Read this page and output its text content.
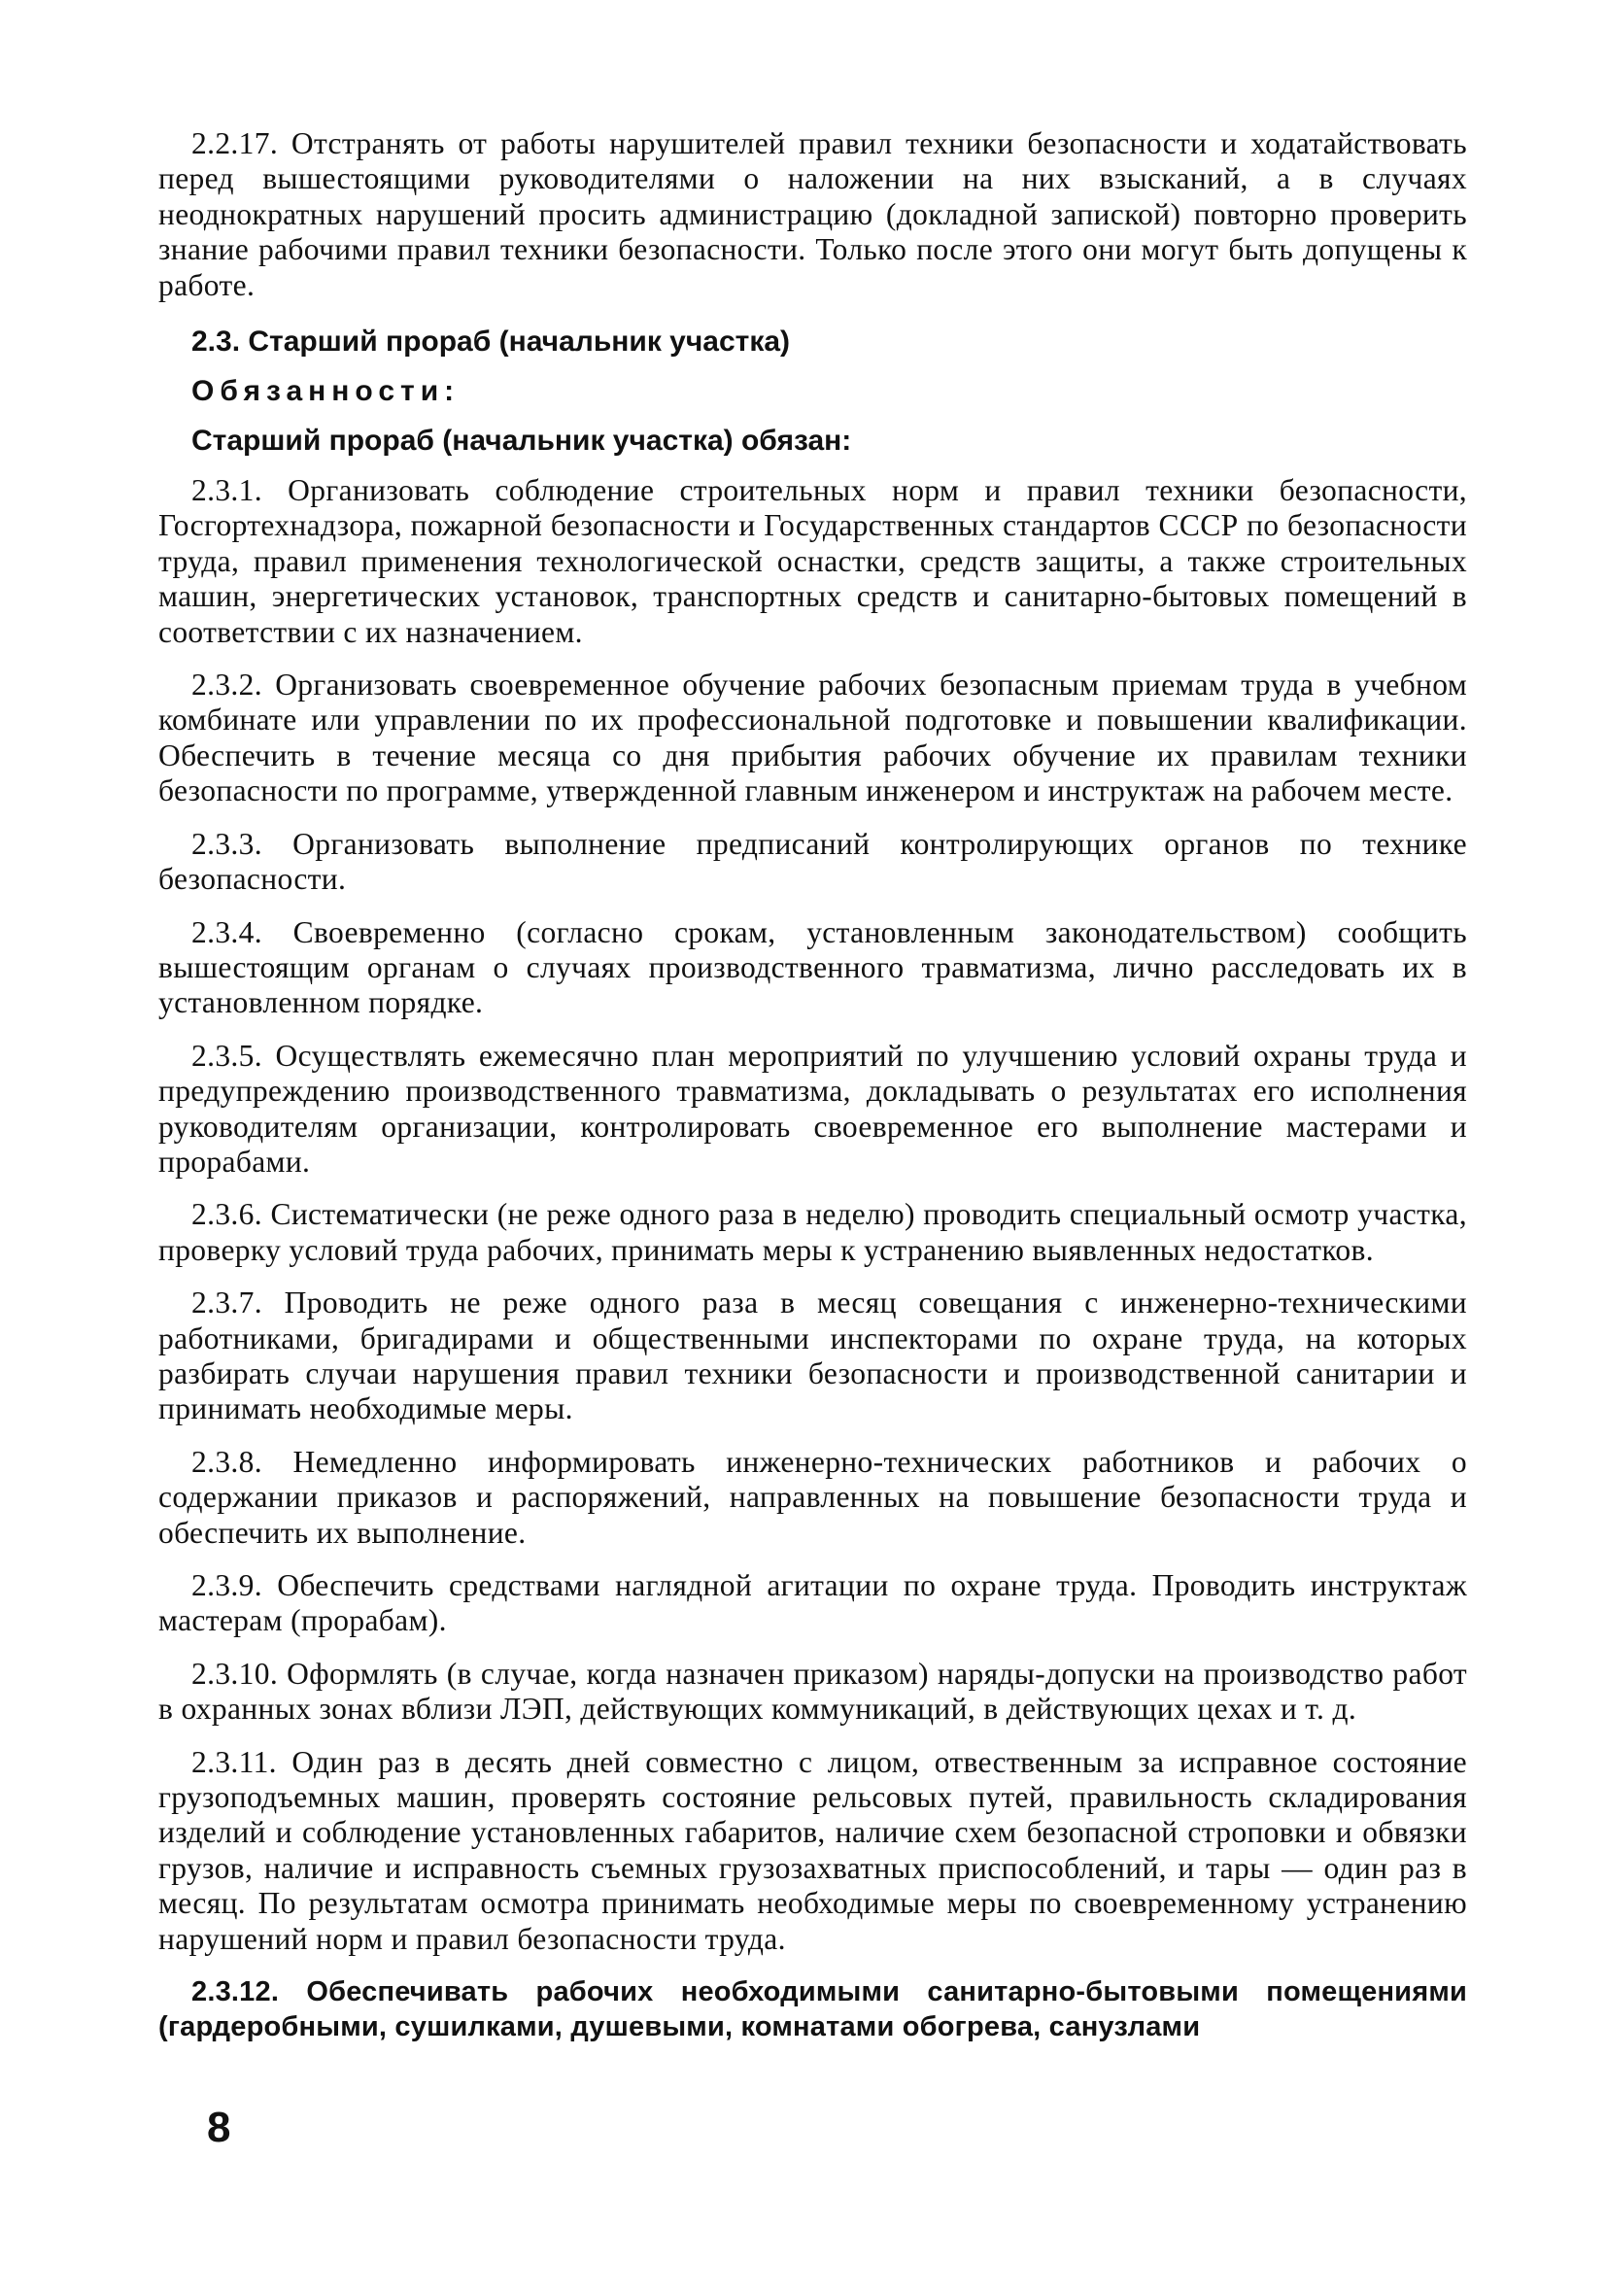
2.2.17. Отстранять от работы нарушителей правил техники безопасности и ходатайствовать перед вышестоящими руководителями о наложении на них взысканий, а в случаях неоднократных нарушений просить администрацию (докладной запиской) повторно проверить знание рабочими правил техники безопасности. Только после этого они могут быть допущены к работе.

2.3. Старший прораб (начальник участка)
Обязанности:
Старший прораб (начальник участка) обязан:

2.3.1. Организовать соблюдение строительных норм и правил техники безопасности, Госгортехнадзора, пожарной безопасности и Государственных стандартов СССР по безопасности труда, правил применения технологической оснастки, средств защиты, а также строительных машин, энергетических установок, транспортных средств и санитарно-бытовых помещений в соответствии с их назначением.

2.3.2. Организовать своевременное обучение рабочих безопасным приемам труда в учебном комбинате или управлении по их профессиональной подготовке и повышении квалификации. Обеспечить в течение месяца со дня прибытия рабочих обучение их правилам техники безопасности по программе, утвержденной главным инженером и инструктаж на рабочем месте.

2.3.3. Организовать выполнение предписаний контролирующих органов по технике безопасности.

2.3.4. Своевременно (согласно срокам, установленным законодательством) сообщить вышестоящим органам о случаях производственного травматизма, лично расследовать их в установленном порядке.

2.3.5. Осуществлять ежемесячно план мероприятий по улучшению условий охраны труда и предупреждению производственного травматизма, докладывать о результатах его исполнения руководителям организации, контролировать своевременное его выполнение мастерами и прорабами.

2.3.6. Систематически (не реже одного раза в неделю) проводить специальный осмотр участка, проверку условий труда рабочих, принимать меры к устранению выявленных недостатков.

2.3.7. Проводить не реже одного раза в месяц совещания с инженерно-техническими работниками, бригадирами и общественными инспекторами по охране труда, на которых разбирать случаи нарушения правил техники безопасности и производственной санитарии и принимать необходимые меры.

2.3.8. Немедленно информировать инженерно-технических работников и рабочих о содержании приказов и распоряжений, направленных на повышение безопасности труда и обеспечить их выполнение.

2.3.9. Обеспечить средствами наглядной агитации по охране труда. Проводить инструктаж мастерам (прорабам).

2.3.10. Оформлять (в случае, когда назначен приказом) наряды-допуски на производство работ в охранных зонах вблизи ЛЭП, действующих коммуникаций, в действующих цехах и т. д.

2.3.11. Один раз в десять дней совместно с лицом, отвественным за исправное состояние грузоподъемных машин, проверять состояние рельсовых путей, правильность складирования изделий и соблюдение установленных габаритов, наличие схем безопасной строповки и обвязки грузов, наличие и исправность съемных грузозахватных приспособлений, и тары — один раз в месяц. По результатам осмотра принимать необходимые меры по своевременному устранению нарушений норм и правил безопасности труда.

2.3.12. Обеспечивать рабочих необходимыми санитарно-бытовыми помещениями (гардеробными, сушилками, душевыми, комнатами обогрева, санузлами

8
